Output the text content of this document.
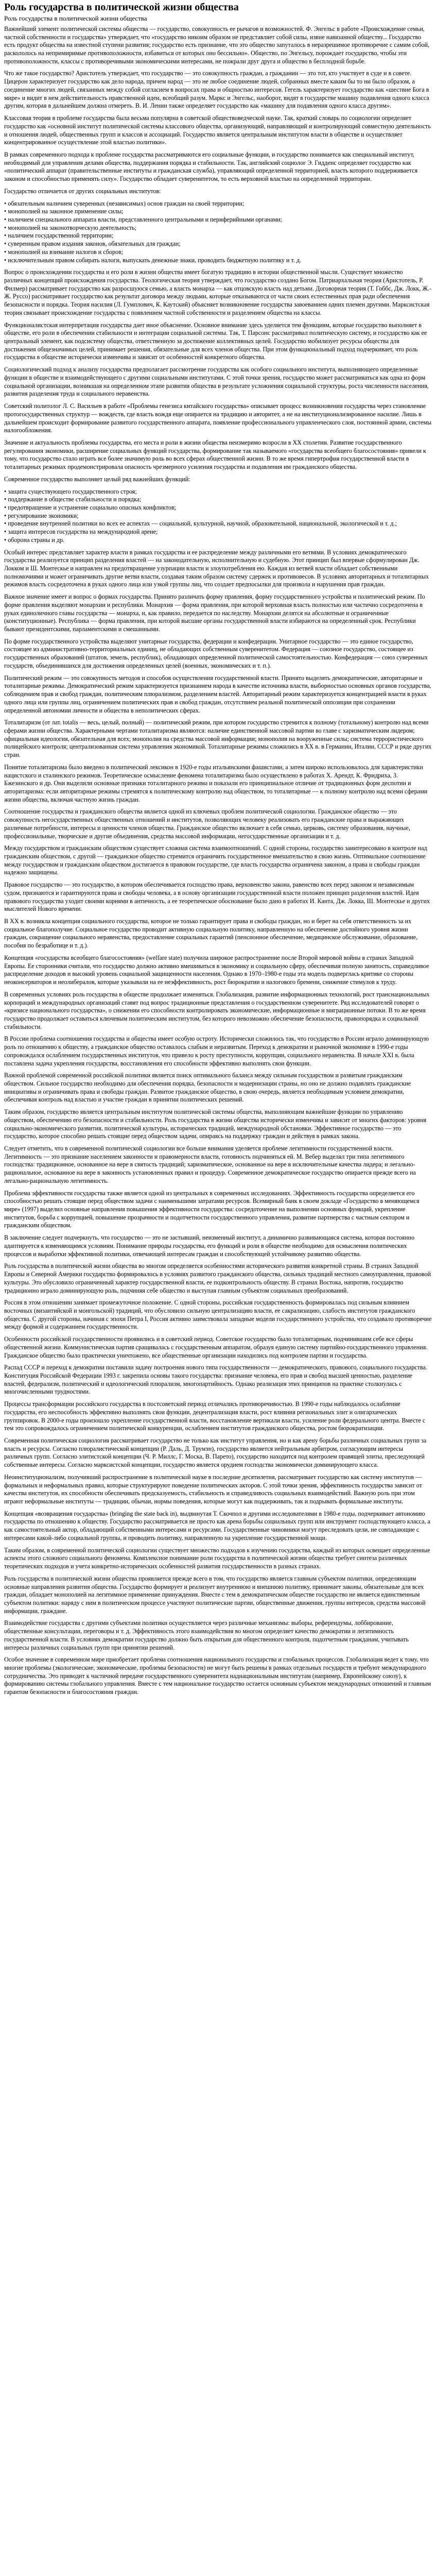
Роль государства в политической жизни общества
Роль государства в политической жизни общества

Важнейший элемент политической системы общества — государство, совокупность ее рычагов и возможностей. Ф. Энгельс в работе «Происхождение семьи, частной собственности и государства» утверждает, что «государство никоим образом не представляет собой силы, извне навязанной обществу... Государство есть продукт общества на известной ступени развития; государство есть признание, что это общество запуталось в неразрешимое противоречие с самим собой, раскололось на непримиримые противоположности, избавиться от которых оно бессильно». Общество, по Энгельсу, порождает государство, чтобы эти противоположности, классы с противоречивыми экономическими интересами, не пожрали друг друга и общество в бесплодной борьбе.

Что же такое государство? Аристотель утверждает, что государство — это совокупность граждан, а гражданин — это тот, кто участвует в суде и в совете. Цицерон характеризует государство как дело народа, причем народ — это не любое соединение людей, собранных вместе каким бы то ни было образом, а соединение многих людей, связанных между собой согласием в вопросах права и общностью интересов. Гегель характеризует государство как «шествие Бога в мире» и видит в нем действительность нравственной идеи, всеобщий разум. Маркс и Энгельс, наоборот, видят в государстве машину подавления одного класса другим, которая в дальнейшем должна отмереть. В. И. Ленин также определяет государство как «машину для подавления одного класса другим».

Классовая теория в проблеме государства была весьма популярна в советской обществоведческой науке. Так, краткий словарь по социологии определяет государство как «основной институт политической системы классового общества, организующий, направляющий и контролирующий совместную деятельность и отношения людей, общественных групп и классов и ассоциаций. Государство является центральным институтом власти в обществе и осуществляет концентрированное осуществление этой властью политики».

В рамках современного подхода к проблеме государства рассматриваются его социальные функции, и государство понимается как специальный институт, необходимый для управления делами общества, поддержания порядка и стабильности. Так, английский социолог Э. Гидденс определяет государство как «политический аппарат (правительственные институты и гражданская служба), управляющий определенной территорией, власть которого поддерживается законом и способностью применять силу». Государство обладает суверенитетом, то есть верховной властью на определенной территории.

Государство отличается от других социальных институтов:

• обязательным наличием суверенных (независимых) основ граждан на своей территории;
• монополией на законное применение силы;
• наличием специального аппарата власти, представленного центральными и периферийными органами;
• монополией на законотворческую деятельность;
• наличием государственной территории;
• суверенным правом издания законов, обязательных для граждан;
• монополией на взимание налогов и сборов;
• исключительным правом собирать налоги, выпускать денежные знаки, проводить бюджетную политику и т. д.

Вопрос о происхождении государства и его роли в жизни общества имеет богатую традицию в истории общественной мысли. Существует множество различных концепций происхождения государства. Теологическая теория утверждает, что государство создано Богом. Патриархальная теория (Аристотель, Р. Филмер) рассматривает государство как разросшуюся семью, а власть монарха — как отцовскую власть над детьми. Договорная теория (Т. Гоббс, Дж. Локк, Ж.-Ж. Руссо) рассматривает государство как результат договора между людьми, которые отказываются от части своих естественных прав ради обеспечения безопасности и порядка. Теория насилия (Л. Гумплович, К. Каутский) объясняет возникновение государства завоеванием одних племен другими. Марксистская теория связывает происхождение государства с появлением частной собственности и разделением общества на классы.

Функционалистская интерпретация государства дает иное объяснение. Основное внимание здесь уделяется тем функциям, которые государство выполняет в обществе, его роли в обеспечении стабильности и интеграции социальной системы. Так, Т. Парсонс рассматривал политическую систему, и государство как ее центральный элемент, как подсистему общества, ответственную за достижение коллективных целей. Государство мобилизует ресурсы общества для достижения общезначимых целей, принимает решения, обязательные для всех членов общества. При этом функциональный подход подчеркивает, что роль государства в обществе исторически изменчива и зависит от особенностей конкретного общества.

Социологический подход к анализу государства предполагает рассмотрение государства как особого социального института, выполняющего определенные функции в обществе и взаимодействующего с другими социальными институтами. С этой точки зрения, государство может рассматриваться как одна из форм социальной организации, возникшая на определенном этапе развития общества в результате усложнения социальной структуры, роста численности населения, развития разделения труда и социального неравенства.

Советский политолог Л. С. Васильев в работе «Проблемы генезиса китайского государства» описывает процесс возникновения государства через становление протогосударственных структур — вождеств, где власть вождя еще опирается на традицию и авторитет, а не на институционализированное насилие. Лишь в дальнейшем происходит формирование развитого государственного аппарата, появление профессионального управленческого слоя, постоянной армии, системы налогообложения.

Значение и актуальность проблемы государства, его места и роли в жизни общества неизмеримо возросли в XX столетии. Развитие государственного регулирования экономики, расширение социальных функций государства, формирование так называемого «государства всеобщего благосостояния» привели к тому, что государство стало играть все более значимую роль во всех сферах общественной жизни. В то же время гипертрофия государственной власти в тоталитарных режимах продемонстрировала опасность чрезмерного усиления государства и подавления им гражданского общества.

Современное государство выполняет целый ряд важнейших функций:

• защита существующего государственного строя;
• поддержание в обществе стабильности и порядка;
• предотвращение и устранение социально опасных конфликтов;
• регулирование экономики;
• проведение внутренней политики во всех ее аспектах — социальной, культурной, научной, образовательной, национальной, экологической и т. д.;
• защита интересов государства на международной арене;
• оборона страны и др.

Особый интерес представляет характер власти в рамках государства и ее распределение между различными его ветвями. В условиях демократического государства реализуется принцип разделения властей — на законодательную, исполнительную и судебную. Этот принцип был впервые сформулирован Дж. Локком и Ш. Монтескье и направлен на предотвращение узурпации власти и злоупотребления ею. Каждая из ветвей власти обладает собственными полномочиями и может ограничивать другие ветви власти, создавая таким образом систему сдержек и противовесов. В условиях авторитарных и тоталитарных режимов власть сосредоточена в руках одного лица или узкой группы лиц, что создает предпосылки для произвола и нарушения прав граждан.

Важное значение имеет и вопрос о формах государства. Принято различать форму правления, форму государственного устройства и политический режим. По форме правления выделяют монархии и республики. Монархия — форма правления, при которой верховная власть полностью или частично сосредоточена в руках единоличного главы государства — монарха, и, как правило, передается по наследству. Монархии делятся на абсолютные и ограниченные (конституционные). Республика — форма правления, при которой высшие органы государственной власти избираются на определенный срок. Республики бывают президентскими, парламентскими и смешанными.

По форме государственного устройства выделяют унитарные государства, федерации и конфедерации. Унитарное государство — это единое государство, состоящее из административно-территориальных единиц, не обладающих собственным суверенитетом. Федерация — союзное государство, состоящее из государственных образований (штатов, земель, республик), обладающих определенной политической самостоятельностью. Конфедерация — союз суверенных государств, объединившихся для достижения определенных целей (военных, экономических и т. п.).

Политический режим — это совокупность методов и способов осуществления государственной власти. Принято выделять демократические, авторитарные и тоталитарные режимы. Демократический режим характеризуется признанием народа в качестве источника власти, выборностью основных органов государства, соблюдением прав и свобод граждан, политическим плюрализмом, разделением властей. Авторитарный режим характеризуется концентрацией власти в руках одного лица или группы лиц, ограничением политических прав и свобод граждан, отсутствием реальной политической оппозиции при сохранении определенной автономии личности и общества в неполитических сферах.

Тоталитаризм (от лат. totalis — весь, целый, полный) — политический режим, при котором государство стремится к полному (тотальному) контролю над всеми сферами жизни общества. Характерными чертами тоталитаризма являются: наличие единственной массовой партии во главе с харизматическим лидером; официальная идеология, обязательная для всех; монополия на средства массовой информации; монополия на вооруженные силы; система террористического полицейского контроля; централизованная система управления экономикой. Тоталитарные режимы сложились в XX в. в Германии, Италии, СССР и ряде других стран.

Понятие тоталитаризма было введено в политический лексикон в 1920-е годы итальянскими фашистами, а затем широко использовалось для характеристики нацистского и сталинского режимов. Теоретическое осмысление феномена тоталитаризма было осуществлено в работах Х. Арендт, К. Фридриха, З. Бжезинского и др. Они выделили основные признаки тоталитарного режима и показали его принципиальное отличие от традиционных форм деспотии и авторитаризма: если авторитарные режимы стремятся к политическому контролю над обществом, то тоталитарные — к полному контролю над всеми сферами жизни общества, включая частную жизнь граждан.

Соотношение государства и гражданского общества является одной из ключевых проблем политической социологии. Гражданское общество — это совокупность негосударственных общественных отношений и институтов, позволяющих человеку реализовать его гражданские права и выражающих различные потребности, интересы и ценности членов общества. Гражданское общество включает в себя семью, церковь, систему образования, научные, профессиональные, творческие и другие объединения, средства массовой информации, негосударственные организации и т. д.

Между государством и гражданским обществом существует сложная система взаимоотношений. С одной стороны, государство заинтересовано в контроле над гражданским обществом, с другой — гражданское общество стремится ограничить государственное вмешательство в свою жизнь. Оптимальное соотношение между государством и гражданским обществом достигается в правовом государстве, где власть государства ограничена законом, а права и свободы граждан надежно защищены.

Правовое государство — это государство, в котором обеспечивается господство права, верховенство закона, равенство всех перед законом и независимым судом, признаются и гарантируются права и свободы человека, а в основу организации государственной власти положен принцип разделения властей. Идея правового государства уходит своими корнями в античность, а ее теоретическое обоснование было дано в работах И. Канта, Дж. Локка, Ш. Монтескье и других мыслителей Нового времени.

В XX в. возникла концепция социального государства, которое не только гарантирует права и свободы граждан, но и берет на себя ответственность за их социальное благополучие. Социальное государство проводит активную социальную политику, направленную на обеспечение достойного уровня жизни граждан, сокращение социального неравенства, предоставление социальных гарантий (пенсионное обеспечение, медицинское обслуживание, образование, пособия по безработице и т. д.).

Концепция «государства всеобщего благосостояния» (welfare state) получила широкое распространение после Второй мировой войны в странах Западной Европы. Ее сторонники считали, что государство должно активно вмешиваться в экономику и социальную сферу, обеспечивая полную занятость, справедливое распределение доходов и высокий уровень социальной защищенности населения. Однако в 1970–1980-е годы эта модель подверглась критике со стороны неоконсерваторов и неолибералов, которые указывали на ее неэффективность, рост бюрократии и налогового бремени, снижение стимулов к труду.

В современных условиях роль государства в обществе продолжает изменяться. Глобализация, развитие информационных технологий, рост транснациональных корпораций и международных организаций ставят под вопрос традиционные представления о государственном суверенитете. Ряд исследователей говорят о «кризисе национального государства», о снижении его способности контролировать экономические, информационные и миграционные потоки. В то же время государство продолжает оставаться ключевым политическим институтом, без которого невозможно обеспечение безопасности, правопорядка и социальной стабильности.

В России проблема соотношения государства и общества имеет особую остроту. Исторически сложилось так, что государство в России играло доминирующую роль по отношению к обществу, а гражданское общество оставалось слабым и неразвитым. Переход к демократии и рыночной экономике в 1990-е годы сопровождался ослаблением государственных институтов, что привело к росту преступности, коррупции, социального неравенства. В начале XXI в. была поставлена задача укрепления государства, восстановления его способности эффективно выполнять свои функции.

Важной проблемой современной российской политики является поиск оптимального баланса между сильным государством и развитым гражданским обществом. Сильное государство необходимо для обеспечения порядка, безопасности и модернизации страны, но оно не должно подавлять гражданские инициативы и ограничивать права и свободы граждан. Развитое гражданское общество, в свою очередь, является необходимым условием демократии, обеспечивая контроль над властью и участие граждан в принятии политических решений.

Таким образом, государство является центральным институтом политической системы общества, выполняющим важнейшие функции по управлению обществом, обеспечению его безопасности и стабильности. Роль государства в жизни общества исторически изменчива и зависит от многих факторов: уровня социально-экономического развития, политической культуры, исторических традиций, международной обстановки. Эффективное государство — это государство, которое способно решать стоящие перед обществом задачи, опираясь на поддержку граждан и действуя в рамках закона.

Следует отметить, что в современной политической социологии все больше внимания уделяется проблеме легитимности государственной власти. Легитимность — это признание населением законности и правомерности власти, готовность подчиняться ей. М. Вебер выделял три типа легитимного господства: традиционное, основанное на вере в святость традиций; харизматическое, основанное на вере в исключительные качества лидера; и легально-рациональное, основанное на вере в законность установленных правил и процедур. Современное демократическое государство опирается прежде всего на легально-рациональную легитимность.

Проблема эффективности государства также является одной из центральных в современных исследованиях. Эффективность государства определяется его способностью решать стоящие перед обществом задачи с наименьшими затратами ресурсов. Всемирный банк в своем докладе «Государство в меняющемся мире» (1997) выделил основные направления повышения эффективности государства: сосредоточение на выполнении основных функций, укрепление институтов, борьба с коррупцией, повышение прозрачности и подотчетности государственного управления, развитие партнерства с частным сектором и гражданским обществом.

В заключение следует подчеркнуть, что государство — это не застывший, неизменный институт, а динамично развивающаяся система, которая постоянно адаптируется к изменяющимся условиям. Понимание природы государства, его функций и роли в обществе необходимо для осмысления политических процессов и выработки эффективной политики, отвечающей интересам граждан и способствующей устойчивому развитию общества.

Роль государства в политической жизни общества во многом определяется особенностями исторического развития конкретной страны. В странах Западной Европы и Северной Америки государство формировалось в условиях развитого гражданского общества, сильных традиций местного самоуправления, правовой культуры. Это обусловило ограниченный характер государственной власти, ее подконтрольность обществу. В странах Востока, напротив, государство традиционно играло доминирующую роль, подчиняя себе общество и выступая главным субъектом социальных преобразований.

Россия в этом отношении занимает промежуточное положение. С одной стороны, российская государственность формировалась под сильным влиянием восточных (византийской и монгольской) традиций, что обусловило сильную централизацию власти, ее сакрализацию, слабость институтов гражданского общества. С другой стороны, начиная с эпохи Петра I, Россия активно заимствовала западные модели государственного устройства, что создавало противоречие между формой и содержанием государственности.

Особенности российской государственности проявились и в советский период. Советское государство было тоталитарным, подчинившим себе все сферы общественной жизни. Коммунистическая партия сращивалась с государственным аппаратом, образуя единую систему партийно-государственного управления. Гражданское общество было практически уничтожено, все общественные организации находились под контролем партии и государства.

Распад СССР и переход к демократии поставили задачу построения нового типа государственности — демократического, правового, социального государства. Конституция Российской Федерации 1993 г. закрепила основы такого государства: признание человека, его прав и свобод высшей ценностью, разделение властей, федерализм, политический и идеологический плюрализм, многопартийность. Однако реализация этих принципов на практике столкнулась с многочисленными трудностями.

Процессы трансформации российского государства в постсоветский период отличались противоречивостью. В 1990-е годы наблюдалось ослабление государства, его неспособность эффективно выполнять свои функции, децентрализация власти, рост влияния региональных элит и олигархических группировок. В 2000-е годы произошло укрепление государственной власти, восстановление вертикали власти, усиление роли федерального центра. Вместе с тем это сопровождалось ограничением политической конкуренции, ослаблением институтов гражданского общества, ростом бюрократизации.

Современная политическая социология рассматривает государство не только как институт управления, но и как арену борьбы различных социальных групп за власть и ресурсы. Согласно плюралистической концепции (Р. Даль, Д. Трумэн), государство является нейтральным арбитром, согласующим интересы различных групп. Согласно элитистской концепции (Ч. Р. Миллс, Г. Моска, В. Парето), государство находится под контролем правящей элиты, преследующей собственные интересы. Согласно марксистской концепции, государство является орудием господства экономически доминирующего класса.

Неоинституционализм, получивший распространение в политической науке в последние десятилетия, рассматривает государство как систему институтов — формальных и неформальных правил, которые структурируют поведение политических акторов. С этой точки зрения, эффективность государства зависит от качества институтов, их способности обеспечивать предсказуемость, стабильность и справедливость социальных взаимодействий. Важную роль при этом играют неформальные институты — традиции, обычаи, нормы поведения, которые могут как поддерживать, так и подрывать формальные институты.

Концепция «возвращения государства» (bringing the state back in), выдвинутая Т. Скочпол и другими исследователями в 1980-е годы, подчеркивает автономию государства по отношению к обществу. Государство рассматривается не просто как арена борьбы социальных групп или инструмент господствующего класса, а как самостоятельный актор, обладающий собственными интересами и ресурсами. Государственные чиновники могут преследовать цели, не совпадающие с интересами какой-либо социальной группы, и проводить политику, направленную на укрепление государственной мощи.

Таким образом, в современной политической социологии существует множество подходов к изучению государства, каждый из которых освещает определенные аспекты этого сложного социального феномена. Комплексное понимание роли государства в политической жизни общества требует синтеза различных теоретических подходов и учета конкретно-исторических особенностей развития государственности в разных странах.

Роль государства в политической жизни общества проявляется прежде всего в том, что государство является главным субъектом политики, определяющим основные направления развития общества. Государство формирует и реализует внутреннюю и внешнюю политику, принимает законы, обязательные для всех граждан, обладает монополией на легитимное применение принуждения. Вместе с тем в демократическом обществе государство не является единственным субъектом политики: наряду с ним в политическом процессе участвуют политические партии, общественные движения, группы интересов, средства массовой информации, граждане.

Взаимодействие государства с другими субъектами политики осуществляется через различные механизмы: выборы, референдумы, лоббирование, общественные консультации, переговоры и т. д. Эффективность этого взаимодействия во многом определяет качество демократии и легитимность государственной власти. В условиях демократии государство должно быть открытым для общественного контроля, подотчетным гражданам, учитывать интересы различных социальных групп при принятии решений.

Особое значение в современном мире приобретает проблема соотношения национального государства и глобальных процессов. Глобализация ведет к тому, что многие проблемы (экологические, экономические, проблемы безопасности) не могут быть решены в рамках отдельных государств и требуют международного сотрудничества. Это приводит к частичной передаче государственного суверенитета наднациональным институтам (например, Европейскому союзу), к формированию системы глобального управления. Вместе с тем национальное государство остается основным субъектом международных отношений и главным гарантом безопасности и благосостояния граждан.
